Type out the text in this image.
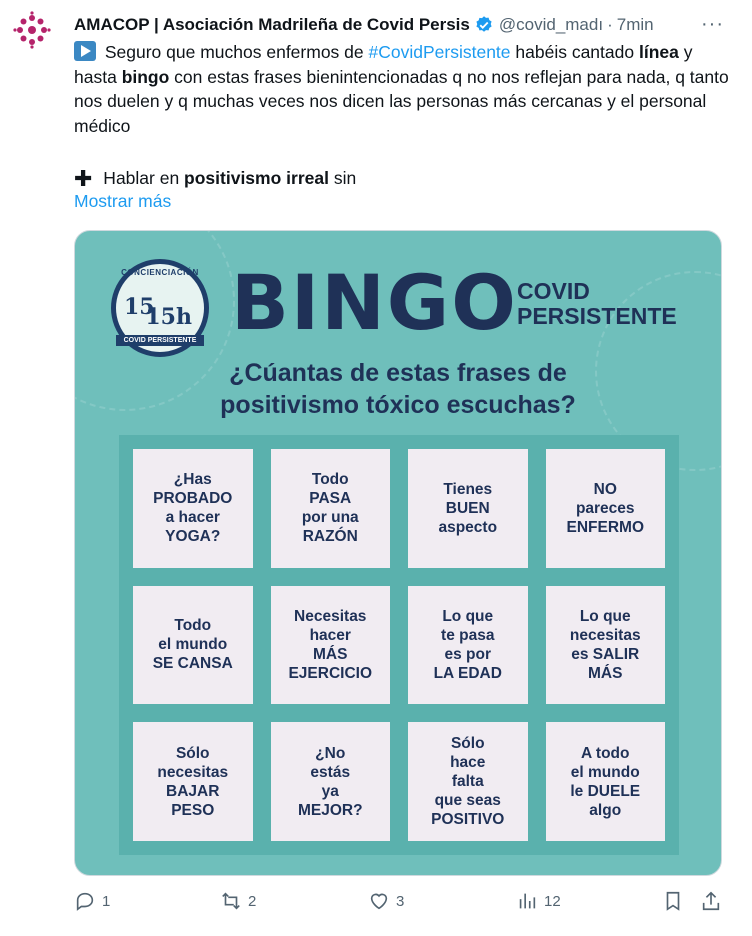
AMACOP | Asociación Madrileña de Covid Persis @covid_madı · 7min ···
Seguro que muchos enfermos de #CovidPersistente habéis cantado línea y hasta bingo con estas frases bienintencionadas q no nos reflejan para nada, q tanto nos duelen y q muchas veces nos dicen las personas más cercanas y el personal médico
✚ Hablar en positivismo irreal sin
Mostrar más
CONCIENCIACIÓN
15
15h
COVID PERSISTENTE BINGO COVID
PERSISTENTE
¿Cúantas de estas frases de
positivismo tóxico escuchas?
¿Has
PROBADO
a hacer
YOGA?
Todo
PASA
por una
RAZÓN
Tienes
BUEN
aspecto
NO
pareces
ENFERMO
Todo
el mundo
SE CANSA
Necesitas
hacer
MÁS
EJERCICIO
Lo que
te pasa
es por
LA EDAD
Lo que
necesitas
es SALIR
MÁS
Sólo
necesitas
BAJAR
PESO
¿No
estás
ya
MEJOR?
Sólo
hace
falta
que seas
POSITIVO
A todo
el mundo
le DUELE
algo
1	2	3	12
